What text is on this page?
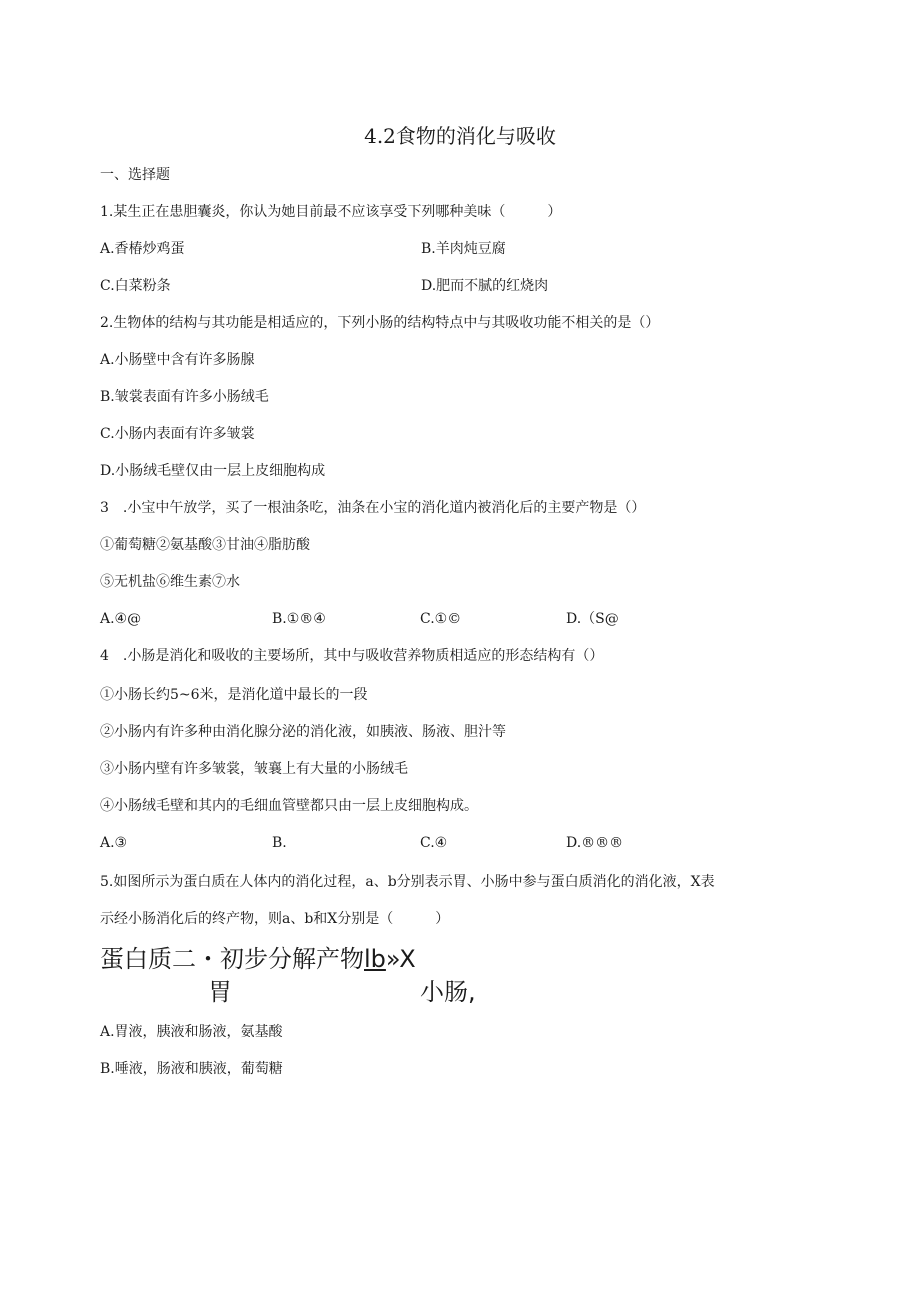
4.2食物的消化与吸收
一、选择题
1.某生正在患胆囊炎，你认为她目前最不应该享受下列哪种美味（　　　）
A.香椿炒鸡蛋	B.羊肉炖豆腐
C.白菜粉条	D.肥而不腻的红烧肉
2.生物体的结构与其功能是相适应的，下列小肠的结构特点中与其吸收功能不相关的是（）
A.小肠壁中含有许多肠腺
B.皱裳表面有许多小肠绒毛
C.小肠内表面有许多皱裳
D.小肠绒毛壁仅由一层上皮细胞构成
3　.小宝中午放学，买了一根油条吃，油条在小宝的消化道内被消化后的主要产物是（）
①葡萄糖②氨基酸③甘油④脂肪酸
⑤无机盐⑥维生素⑦水
A.④@	B.①®④	C.①©	D.（S@
4　.小肠是消化和吸收的主要场所，其中与吸收营养物质相适应的形态结构有（）
①小肠长约5~6米，是消化道中最长的一段
②小肠内有许多种由消化腺分泌的消化液，如胰液、肠液、胆汁等
③小肠内壁有许多皱裳，皱襄上有大量的小肠绒毛
④小肠绒毛壁和其内的毛细血管壁都只由一层上皮细胞构成。
A.③	B.	C.④	D.®®®
5.如图所示为蛋白质在人体内的消化过程，a、b分别表示胃、小肠中参与蛋白质消化的消化液，X表
示经小肠消化后的终产物，则a、b和X分别是（　　　）
蛋白质二・初步分解产物lb»X
胃	小肠,
A.胃液，胰液和肠液，氨基酸
B.唾液，肠液和胰液，葡萄糖
